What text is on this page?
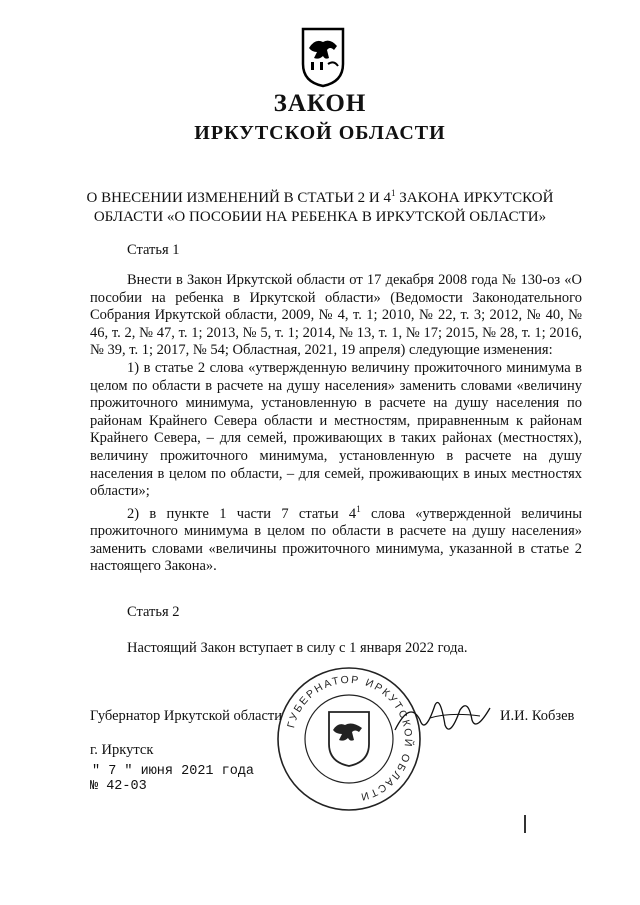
ЗАКОН
ИРКУТСКОЙ ОБЛАСТИ
О ВНЕСЕНИИ ИЗМЕНЕНИЙ В СТАТЬИ 2 И $4^1$ ЗАКОНА ИРКУТСКОЙ ОБЛАСТИ «О ПОСОБИИ НА РЕБЕНКА В ИРКУТСКОЙ ОБЛАСТИ»
Статья 1

Внести в Закон Иркутской области от 17 декабря 2008 года № 130-оз «О пособии на ребенка в Иркутской области» (Ведомости Законодательного Собрания Иркутской области, 2009, № 4, т. 1; 2010, № 22, т. 3; 2012, № 40, № 46, т. 2, № 47, т. 1; 2013, № 5, т. 1; 2014, № 13, т. 1, № 17; 2015, № 28, т. 1; 2016, № 39, т. 1; 2017, № 54; Областная, 2021, 19 апреля) следующие изменения:

1) в статье 2 слова «утвержденную величину прожиточного минимума в целом по области в расчете на душу населения» заменить словами «величину прожиточного минимума, установленную в расчете на душу населения по районам Крайнего Севера области и местностям, приравненным к районам Крайнего Севера, – для семей, проживающих в таких районах (местностях), величину прожиточного минимума, установленную в расчете на душу населения в целом по области, – для семей, проживающих в иных местностях области»;

2) в пункте 1 части 7 статьи $4^1$ слова «утвержденной величины прожиточного минимума в целом по области в расчете на душу населения» заменить словами «величины прожиточного минимума, указанной в статье 2 настоящего Закона».

Статья 2
Настоящий Закон вступает в силу с 1 января 2022 года.
ГУБЕРНАТОР ИРКУТСКОЙ ОБЛАСТИ
Губернатор Иркутской области	И.И. Кобзев
г. Иркутск
" 7 " июня 2021 года
№ 42-03
